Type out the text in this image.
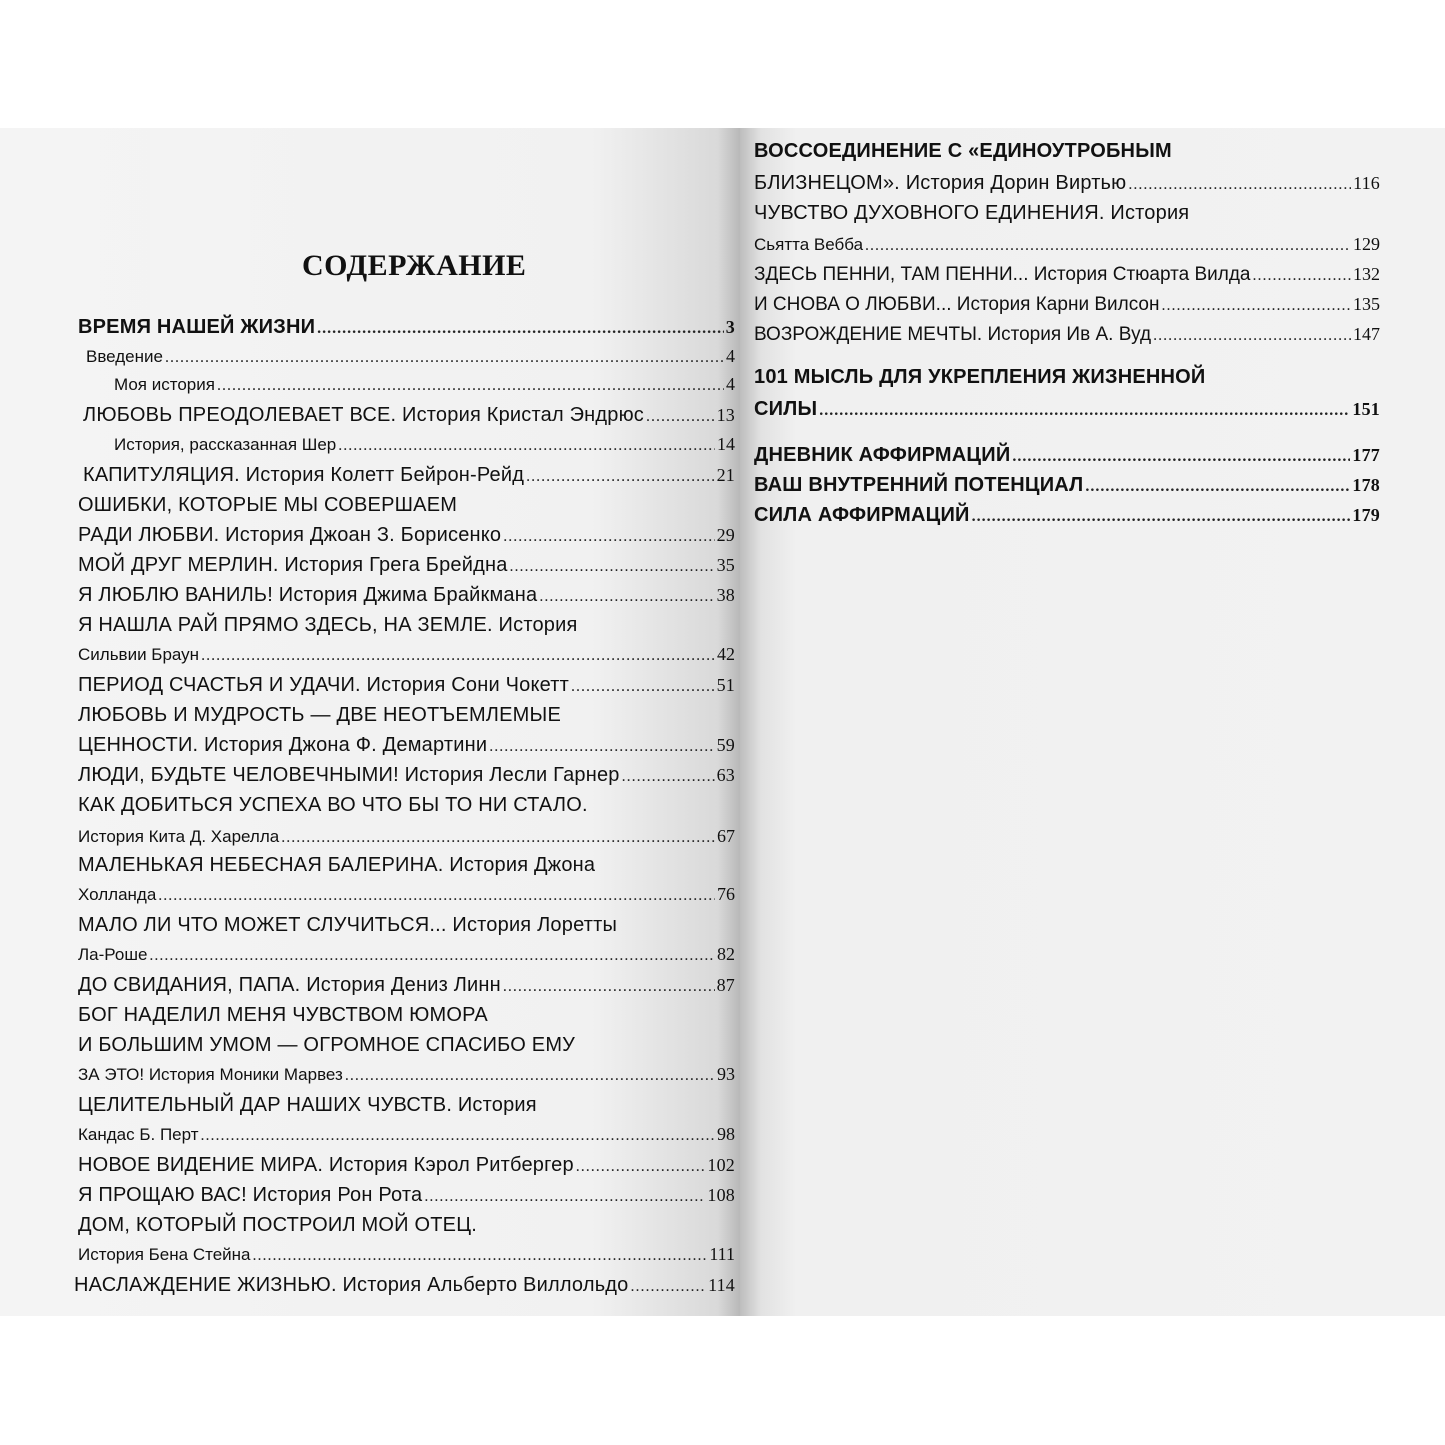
СОДЕРЖАНИЕ
ВРЕМЯ НАШЕЙ ЖИЗНИ .....	3
Введение .....	4
Моя история .....	4
ЛЮБОВЬ ПРЕОДОЛЕВАЕТ ВСЕ. История Кристал Эндрюс .....	13
История, рассказанная Шер .....	14
КАПИТУЛЯЦИЯ. История Колетт Бейрон-Рейд .....	21
ОШИБКИ, КОТОРЫЕ МЫ СОВЕРШАЕМ
РАДИ ЛЮБВИ. История Джоан З. Борисенко .....	29
МОЙ ДРУГ МЕРЛИН. История Грега Брейдна .....	35
Я ЛЮБЛЮ ВАНИЛЬ! История Джима Брайкмана .....	38
Я НАШЛА РАЙ ПРЯМО ЗДЕСЬ, НА ЗЕМЛЕ. История
Сильвии Браун .....	42
ПЕРИОД СЧАСТЬЯ И УДАЧИ. История Сони Чокетт .....	51
ЛЮБОВЬ И МУДРОСТЬ — ДВЕ НЕОТЪЕМЛЕМЫЕ
ЦЕННОСТИ. История Джона Ф. Демартини .....	59
ЛЮДИ, БУДЬТЕ ЧЕЛОВЕЧНЫМИ! История Лесли Гарнер .....	63
КАК ДОБИТЬСЯ УСПЕХА ВО ЧТО БЫ ТО НИ СТАЛО.
История Кита Д. Харелла .....	67
МАЛЕНЬКАЯ НЕБЕСНАЯ БАЛЕРИНА. История Джона
Холланда .....	76
МАЛО ЛИ ЧТО МОЖЕТ СЛУЧИТЬСЯ... История Лоретты
Ла-Роше .....	82
ДО СВИДАНИЯ, ПАПА. История Дениз Линн .....	87
БОГ НАДЕЛИЛ МЕНЯ ЧУВСТВОМ ЮМОРА
И БОЛЬШИМ УМОМ — ОГРОМНОЕ СПАСИБО ЕМУ
ЗА ЭТО! История Моники Марвез .....	93
ЦЕЛИТЕЛЬНЫЙ ДАР НАШИХ ЧУВСТВ. История
Кандас Б. Перт .....	98
НОВОЕ ВИДЕНИЕ МИРА. История Кэрол Ритбергер .....	102
Я ПРОЩАЮ ВАС! История Рон Рота .....	108
ДОМ, КОТОРЫЙ ПОСТРОИЛ МОЙ ОТЕЦ.
История Бена Стейна .....	111
НАСЛАЖДЕНИЕ ЖИЗНЬЮ. История Альберто Виллольдо .....	114
ВОССОЕДИНЕНИЕ С «ЕДИНОУТРОБНЫМ
БЛИЗНЕЦОМ». История Дорин Виртью .....	116
ЧУВСТВО ДУХОВНОГО ЕДИНЕНИЯ. История
Сьятта Вебба .....	129
ЗДЕСЬ ПЕННИ, ТАМ ПЕННИ... История Стюарта Вилда .....	132
И СНОВА О ЛЮБВИ... История Карни Вилсон .....	135
ВОЗРОЖДЕНИЕ МЕЧТЫ. История Ив А. Вуд .....	147
101 МЫСЛЬ ДЛЯ УКРЕПЛЕНИЯ ЖИЗНЕННОЙ
СИЛЫ .....	151
ДНЕВНИК АФФИРМАЦИЙ .....	177
ВАШ ВНУТРЕННИЙ ПОТЕНЦИАЛ .....	178
СИЛА АФФИРМАЦИЙ .....	179
